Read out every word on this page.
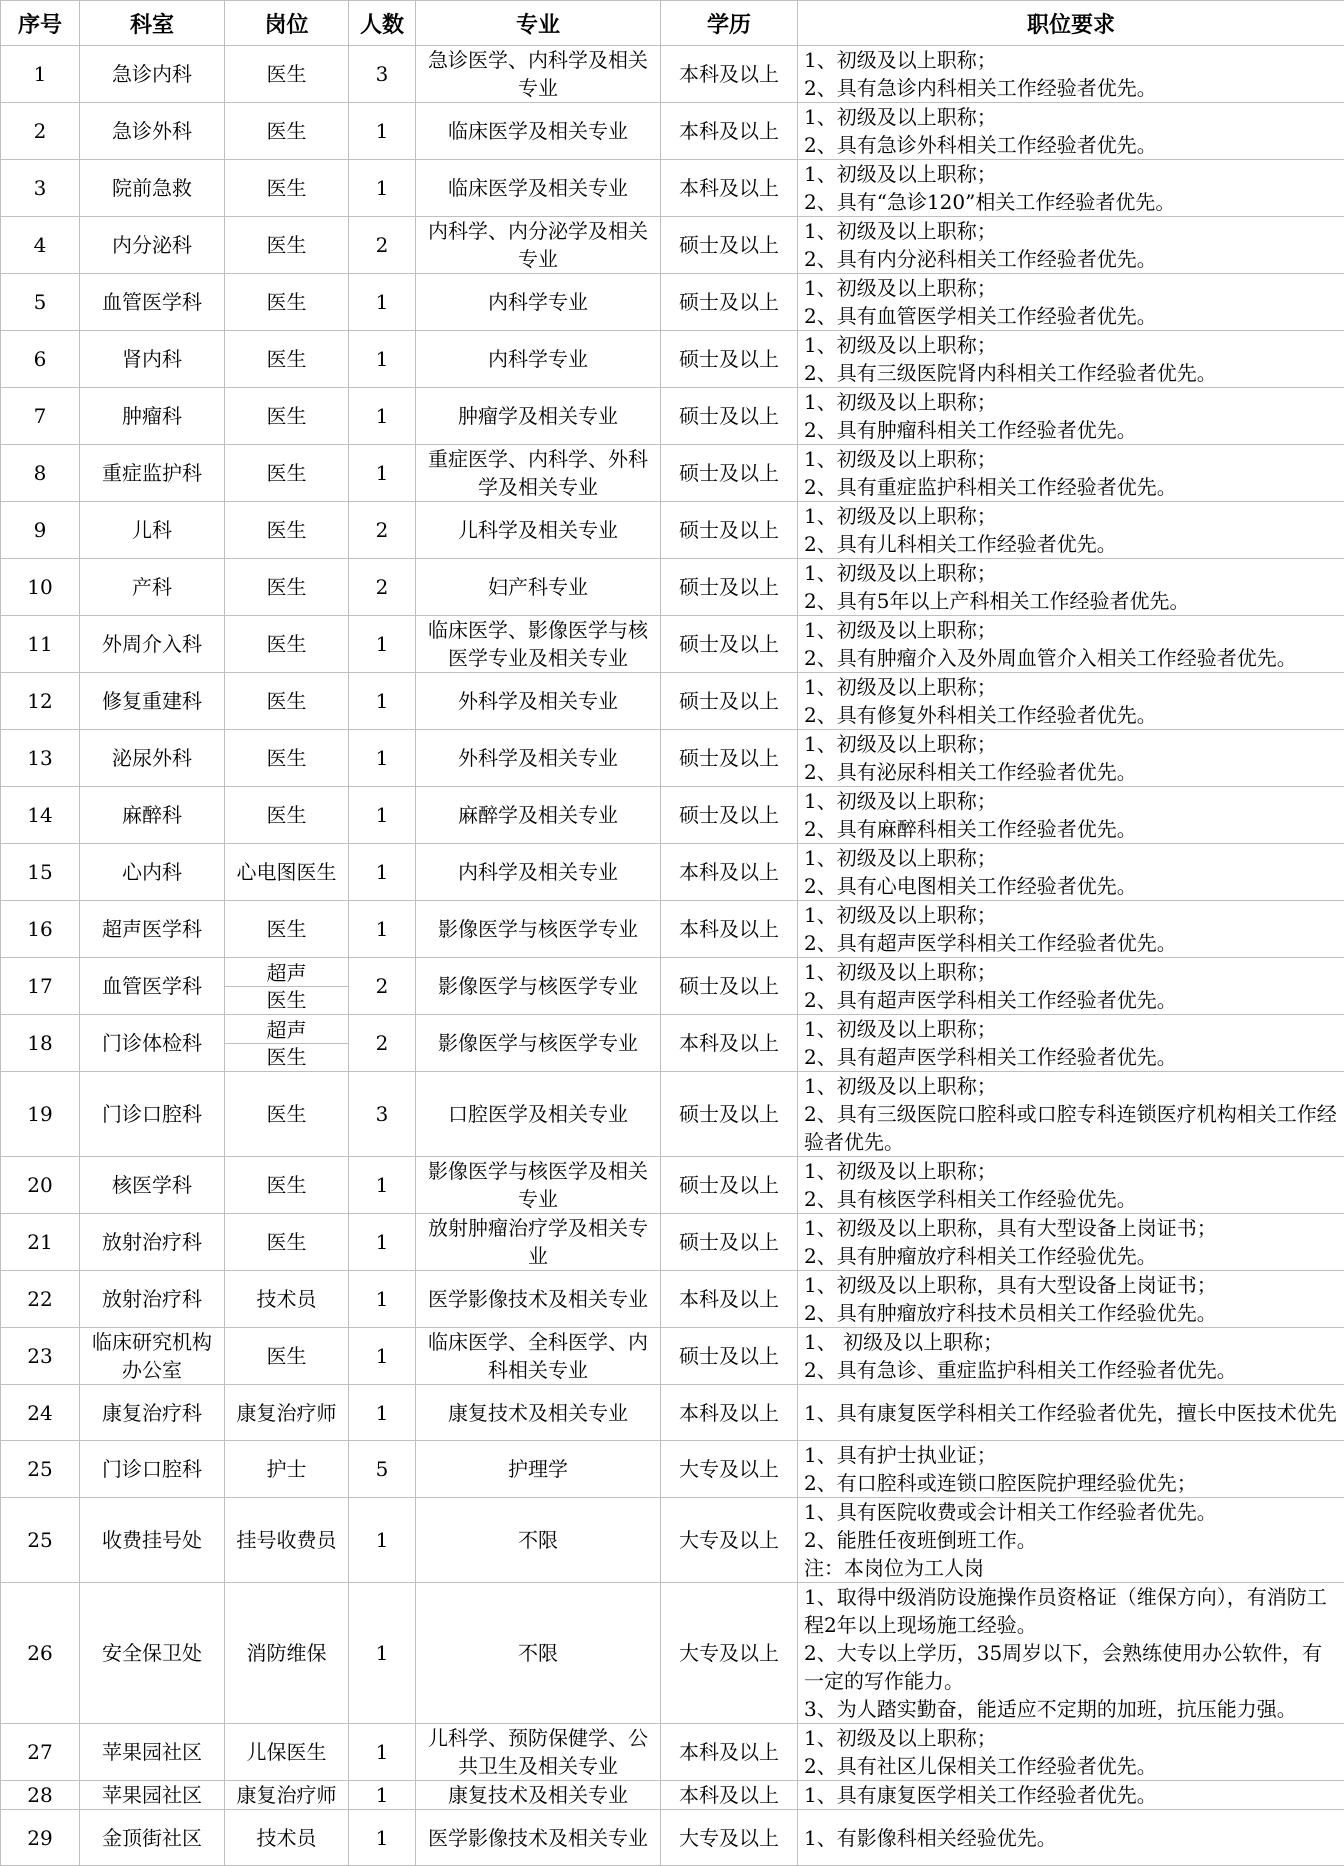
序号	科室	岗位	人数	专业	学历	职位要求
1	急诊内科	医生	3	急诊医学、内科学及相关专业	本科及以上	1、初级及以上职称；
2、具有急诊内科相关工作经验者优先。

2	急诊外科	医生	1	临床医学及相关专业	本科及以上	1、初级及以上职称；
2、具有急诊外科相关工作经验者优先。

3	院前急救	医生	1	临床医学及相关专业	本科及以上	1、初级及以上职称；
2、具有“急诊120”相关工作经验者优先。

4	内分泌科	医生	2	内科学、内分泌学及相关专业	硕士及以上	1、初级及以上职称；
2、具有内分泌科相关工作经验者优先。

5	血管医学科	医生	1	内科学专业	硕士及以上	1、初级及以上职称；
2、具有血管医学相关工作经验者优先。

6	肾内科	医生	1	内科学专业	硕士及以上	1、初级及以上职称；
2、具有三级医院肾内科相关工作经验者优先。

7	肿瘤科	医生	1	肿瘤学及相关专业	硕士及以上	1、初级及以上职称；
2、具有肿瘤科相关工作经验者优先。

8	重症监护科	医生	1	重症医学、内科学、外科学及相关专业	硕士及以上	1、初级及以上职称；
2、具有重症监护科相关工作经验者优先。

9	儿科	医生	2	儿科学及相关专业	硕士及以上	1、初级及以上职称；
2、具有儿科相关工作经验者优先。

10	产科	医生	2	妇产科专业	硕士及以上	1、初级及以上职称；
2、具有5年以上产科相关工作经验者优先。

11	外周介入科	医生	1	临床医学、影像医学与核医学专业及相关专业	硕士及以上	1、初级及以上职称；
2、具有肿瘤介入及外周血管介入相关工作经验者优先。

12	修复重建科	医生	1	外科学及相关专业	硕士及以上	1、初级及以上职称；
2、具有修复外科相关工作经验者优先。

13	泌尿外科	医生	1	外科学及相关专业	硕士及以上	1、初级及以上职称；
2、具有泌尿科相关工作经验者优先。

14	麻醉科	医生	1	麻醉学及相关专业	硕士及以上	1、初级及以上职称；
2、具有麻醉科相关工作经验者优先。

15	心内科	心电图医生	1	内科学及相关专业	本科及以上	1、初级及以上职称；
2、具有心电图相关工作经验者优先。

16	超声医学科	医生	1	影像医学与核医学专业	本科及以上	1、初级及以上职称；
2、具有超声医学科相关工作经验者优先。

17	血管医学科	超声
医生	2	影像医学与核医学专业	硕士及以上	1、初级及以上职称；
2、具有超声医学科相关工作经验者优先。

18	门诊体检科	超声
医生	2	影像医学与核医学专业	本科及以上	1、初级及以上职称；
2、具有超声医学科相关工作经验者优先。

19	门诊口腔科	医生	3	口腔医学及相关专业	硕士及以上	1、初级及以上职称；
2、具有三级医院口腔科或口腔专科连锁医疗机构相关工作经验者优先。

20	核医学科	医生	1	影像医学与核医学及相关专业	硕士及以上	1、初级及以上职称；
2、具有核医学科相关工作经验优先。

21	放射治疗科	医生	1	放射肿瘤治疗学及相关专业	硕士及以上	1、初级及以上职称，具有大型设备上岗证书；
2、具有肿瘤放疗科相关工作经验优先。

22	放射治疗科	技术员	1	医学影像技术及相关专业	本科及以上	1、初级及以上职称，具有大型设备上岗证书；
2、具有肿瘤放疗科技术员相关工作经验优先。

23	临床研究机构办公室	医生	1	临床医学、全科医学、内科相关专业	硕士及以上	1、 初级及以上职称；
2、具有急诊、重症监护科相关工作经验者优先。

24	康复治疗科	康复治疗师	1	康复技术及相关专业	本科及以上	1、具有康复医学科相关工作经验者优先，擅长中医技术优先

25	门诊口腔科	护士	5	护理学	大专及以上	1、具有护士执业证；
2、有口腔科或连锁口腔医院护理经验优先；

25	收费挂号处	挂号收费员	1	不限	大专及以上	1、具有医院收费或会计相关工作经验者优先。
2、能胜任夜班倒班工作。
注：本岗位为工人岗

26	安全保卫处	消防维保	1	不限	大专及以上	1、取得中级消防设施操作员资格证（维保方向），有消防工程2年以上现场施工经验。
2、大专以上学历，35周岁以下，会熟练使用办公软件，有一定的写作能力。
3、为人踏实勤奋，能适应不定期的加班，抗压能力强。

27	苹果园社区	儿保医生	1	儿科学、预防保健学、公共卫生及相关专业	本科及以上	1、初级及以上职称；
2、具有社区儿保相关工作经验者优先。

28	苹果园社区	康复治疗师	1	康复技术及相关专业	本科及以上	1、具有康复医学相关工作经验者优先。

29	金顶街社区	技术员	1	医学影像技术及相关专业	大专及以上	1、有影像科相关经验优先。
